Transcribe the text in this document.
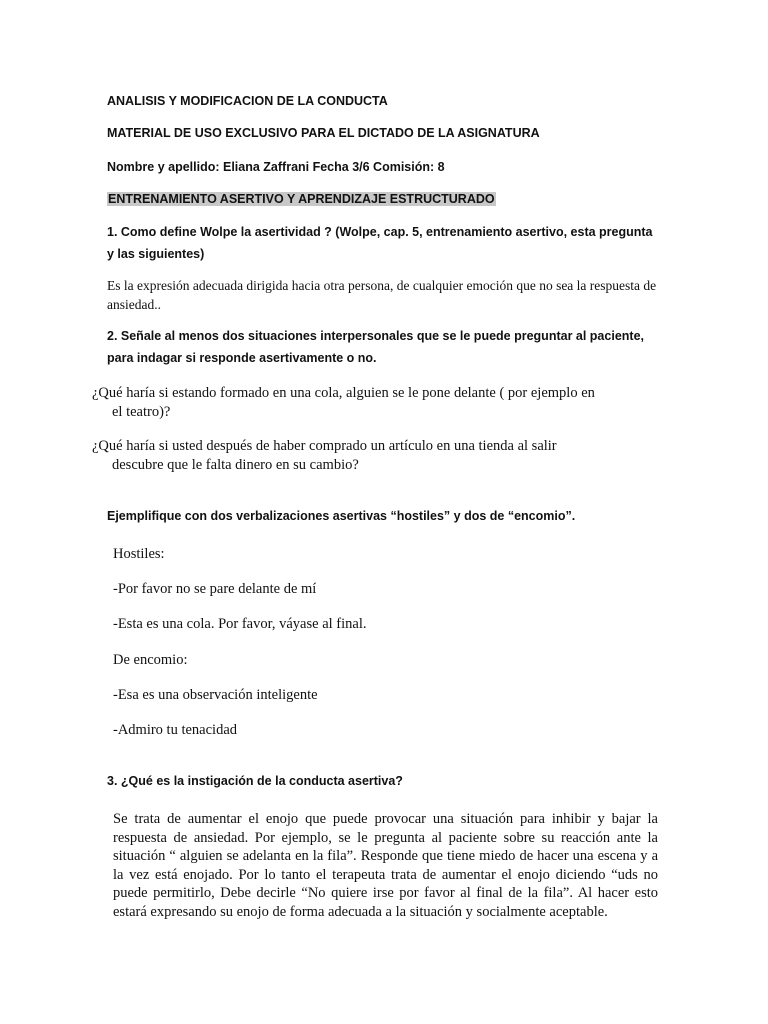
ANALISIS Y MODIFICACION DE LA CONDUCTA
MATERIAL DE USO EXCLUSIVO PARA EL DICTADO DE LA ASIGNATURA
Nombre y apellido: Eliana Zaffrani Fecha 3/6 Comisión: 8
ENTRENAMIENTO ASERTIVO Y APRENDIZAJE ESTRUCTURADO
1. Como define Wolpe la asertividad ? (Wolpe, cap. 5, entrenamiento asertivo, esta pregunta y las siguientes)
Es la expresión adecuada dirigida hacia otra persona, de cualquier emoción que no sea la respuesta de ansiedad..
2. Señale al menos dos situaciones interpersonales que se le puede preguntar al paciente, para indagar si responde asertivamente o no.
¿Qué haría si estando formado en una cola, alguien se le pone delante ( por ejemplo en
el teatro)?
¿Qué haría si usted después de haber comprado un artículo en una tienda al salir
descubre que le falta dinero en su cambio?
Ejemplifique con dos verbalizaciones asertivas “hostiles” y dos de “encomio”.
Hostiles:
-Por favor no se pare delante de mí
-Esta es una cola. Por favor, váyase al final.
De encomio:
-Esa es una observación inteligente
-Admiro tu tenacidad
3. ¿Qué es la instigación de la conducta asertiva?
Se trata de aumentar el enojo que puede provocar una situación para inhibir y bajar la respuesta de ansiedad. Por ejemplo, se le pregunta al paciente sobre su reacción ante la situación “ alguien se adelanta en la fila”. Responde que tiene miedo de hacer una escena y a la vez está enojado. Por lo tanto el terapeuta trata de aumentar el enojo diciendo “uds no puede permitirlo, Debe decirle “No quiere irse por favor al final de la fila”. Al hacer esto estará expresando su enojo de forma adecuada a la situación y socialmente aceptable.
